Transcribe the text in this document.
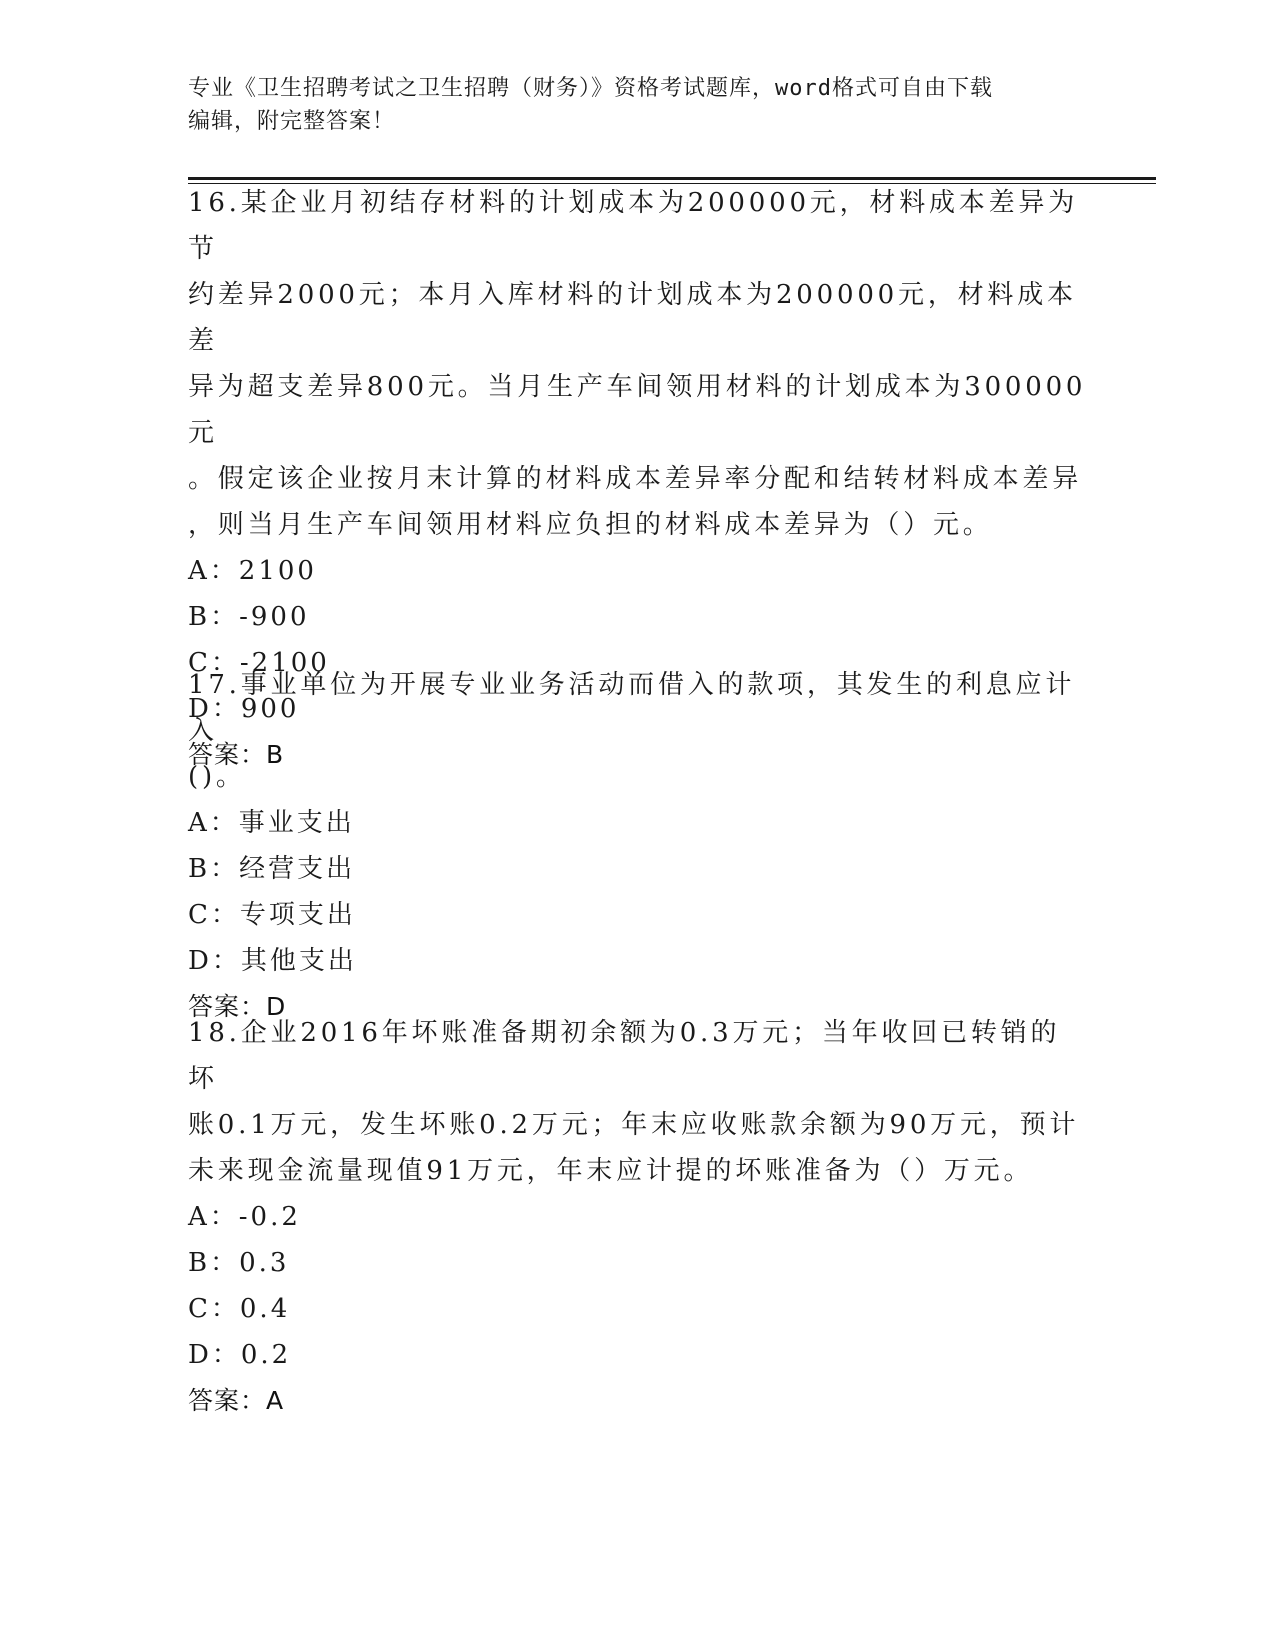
专业《卫生招聘考试之卫生招聘（财务）》资格考试题库，word格式可自由下载
编辑，附完整答案！
16.某企业月初结存材料的计划成本为200000元，材料成本差异为节
约差异2000元；本月入库材料的计划成本为200000元，材料成本差
异为超支差异800元。当月生产车间领用材料的计划成本为300000元
。假定该企业按月末计算的材料成本差异率分配和结转材料成本差异
，则当月生产车间领用材料应负担的材料成本差异为（）元。
A：2100
B：-900
C：-2100
D：900
答案：B
17.事业单位为开展专业业务活动而借入的款项，其发生的利息应计入
()。
A：事业支出
B：经营支出
C：专项支出
D：其他支出
答案：D
18.企业2016年坏账准备期初余额为0.3万元；当年收回已转销的坏
账0.1万元，发生坏账0.2万元；年末应收账款余额为90万元，预计
未来现金流量现值91万元，年末应计提的坏账准备为（）万元。
A：-0.2
B：0.3
C：0.4
D：0.2
答案：A
